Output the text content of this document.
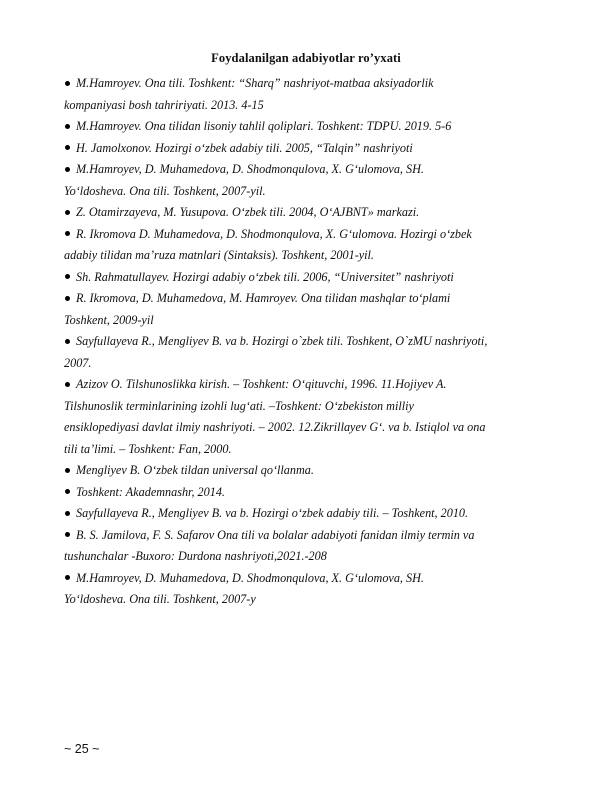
Foydalanilgan adabiyotlar ro’yxati
M.Hamroyev. Ona tili. Toshkent: “Sharq” nashriyot-matbaa aksiyadorlik
kompaniyasi bosh tahririyati. 2013. 4-15
M.Hamroyev. Ona tilidan lisoniy tahlil qoliplari. Toshkent: TDPU. 2019. 5-6
H. Jamolxonov. Hozirgi o‘zbek adabiy tili. 2005, “Talqin” nashriyoti
M.Hamroyev, D. Muhamedova, D. Shodmonqulova, X. G‘ulomova, SH.
Yo‘ldosheva. Ona tili. Toshkent, 2007-yil.
Z. Otamirzayeva, M. Yusupova. O‘zbek tili. 2004, O‘AJBNT» markazi.
R. Ikromova D. Muhamedova, D. Shodmonqulova, X. G‘ulomova. Hozirgi o‘zbek
adabiy tilidan ma’ruza matnlari (Sintaksis). Toshkent, 2001-yil.
Sh. Rahmatullayev. Hozirgi adabiy o‘zbek tili. 2006, “Universitet” nashriyoti
R. Ikromova, D. Muhamedova, M. Hamroyev. Ona tilidan mashqlar to‘plami
Toshkent, 2009-yil
Sayfullayeva R., Mengliyev B. va b. Hozirgi o`zbek tili. Toshkent, O`zMU nashriyoti,
2007.
Azizov O. Tilshunoslikka kirish. – Toshkent: O‘qituvchi, 1996. 11.Hojiyev A.
Tilshunoslik terminlarining izohli lug‘ati. –Toshkent: O‘zbekiston milliy
ensiklopediyasi davlat ilmiy nashriyoti. – 2002. 12.Zikrillayev G‘. va b. Istiqlol va ona
tili ta’limi. – Toshkent: Fan, 2000.
Mengliyev B. O‘zbek tildan universal qo‘llanma.
Toshkent: Akademnashr, 2014.
Sayfullayeva R., Mengliyev B. va b. Hozirgi o‘zbek adabiy tili. – Toshkent, 2010.
B. S. Jamilova, F. S. Safarov Ona tili va bolalar adabiyoti fanidan ilmiy termin va
tushunchalar -Buxoro: Durdona nashriyoti,2021.-208
M.Hamroyev, D. Muhamedova, D. Shodmonqulova, X. G‘ulomova, SH.
Yo‘ldosheva. Ona tili. Toshkent, 2007-y
~ 25 ~
